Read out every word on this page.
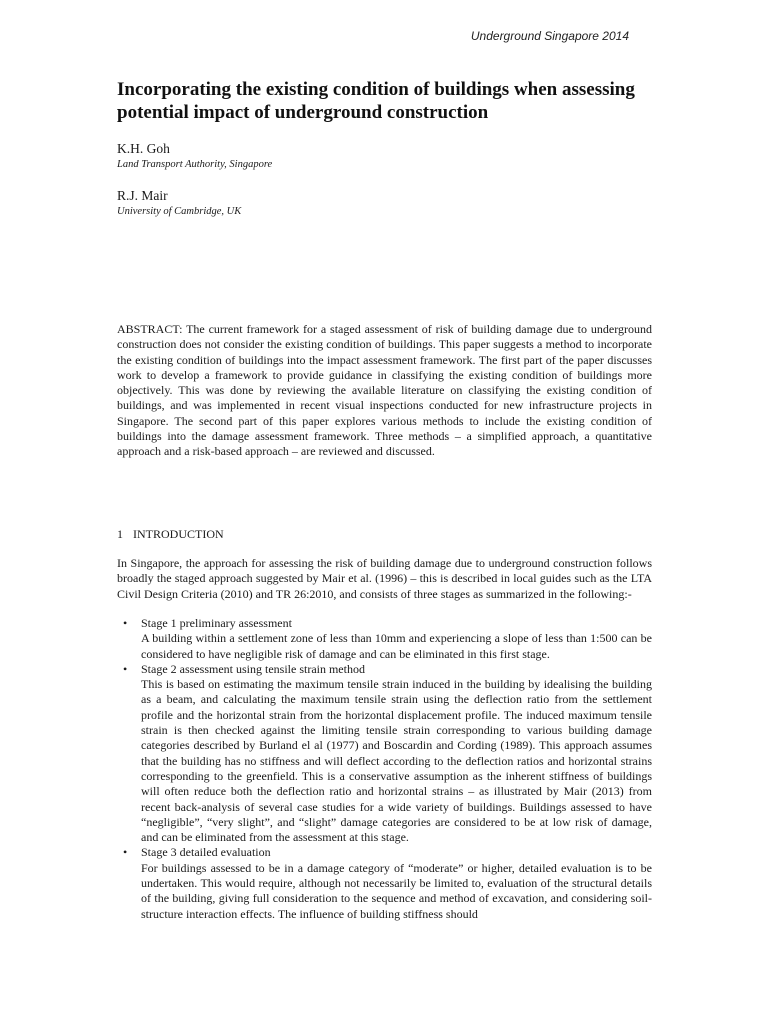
Underground Singapore 2014
Incorporating the existing condition of buildings when assessing potential impact of underground construction
K.H. Goh
Land Transport Authority, Singapore
R.J. Mair
University of Cambridge, UK

ABSTRACT: The current framework for a staged assessment of risk of building damage due to underground construction does not consider the existing condition of buildings. This paper suggests a method to incorporate the existing condition of buildings into the impact assessment framework. The first part of the paper discusses work to develop a framework to provide guidance in classifying the existing condition of buildings more objectively. This was done by reviewing the available literature on classifying the existing condition of buildings, and was implemented in recent visual inspections conducted for new infrastructure projects in Singapore. The second part of this paper explores various methods to include the existing condition of buildings into the damage assessment framework. Three methods – a simplified approach, a quantitative approach and a risk-based approach – are reviewed and discussed.

1 INTRODUCTION

In Singapore, the approach for assessing the risk of building damage due to underground construction follows broadly the staged approach suggested by Mair et al. (1996) – this is described in local guides such as the LTA Civil Design Criteria (2010) and TR 26:2010, and consists of three stages as summarized in the following:-

• Stage 1 preliminary assessment

A building within a settlement zone of less than 10mm and experiencing a slope of less than 1:500 can be considered to have negligible risk of damage and can be eliminated in this first stage.

• Stage 2 assessment using tensile strain method

This is based on estimating the maximum tensile strain induced in the building by idealising the building as a beam, and calculating the maximum tensile strain using the deflection ratio from the settlement profile and the horizontal strain from the horizontal displacement profile. The induced maximum tensile strain is then checked against the limiting tensile strain corresponding to various building damage categories described by Burland el al (1977) and Boscardin and Cording (1989). This approach assumes that the building has no stiffness and will deflect according to the deflection ratios and horizontal strains corresponding to the greenfield. This is a conservative assumption as the inherent stiffness of buildings will often reduce both the deflection ratio and horizontal strains – as illustrated by Mair (2013) from recent back-analysis of several case studies for a wide variety of buildings. Buildings assessed to have “negligible”, “very slight”, and “slight” damage categories are considered to be at low risk of damage, and can be eliminated from the assessment at this stage.

• Stage 3 detailed evaluation

For buildings assessed to be in a damage category of “moderate” or higher, detailed evaluation is to be undertaken. This would require, although not necessarily be limited to, evaluation of the structural details of the building, giving full consideration to the sequence and method of excavation, and considering soil-structure interaction effects. The influence of building stiffness should
